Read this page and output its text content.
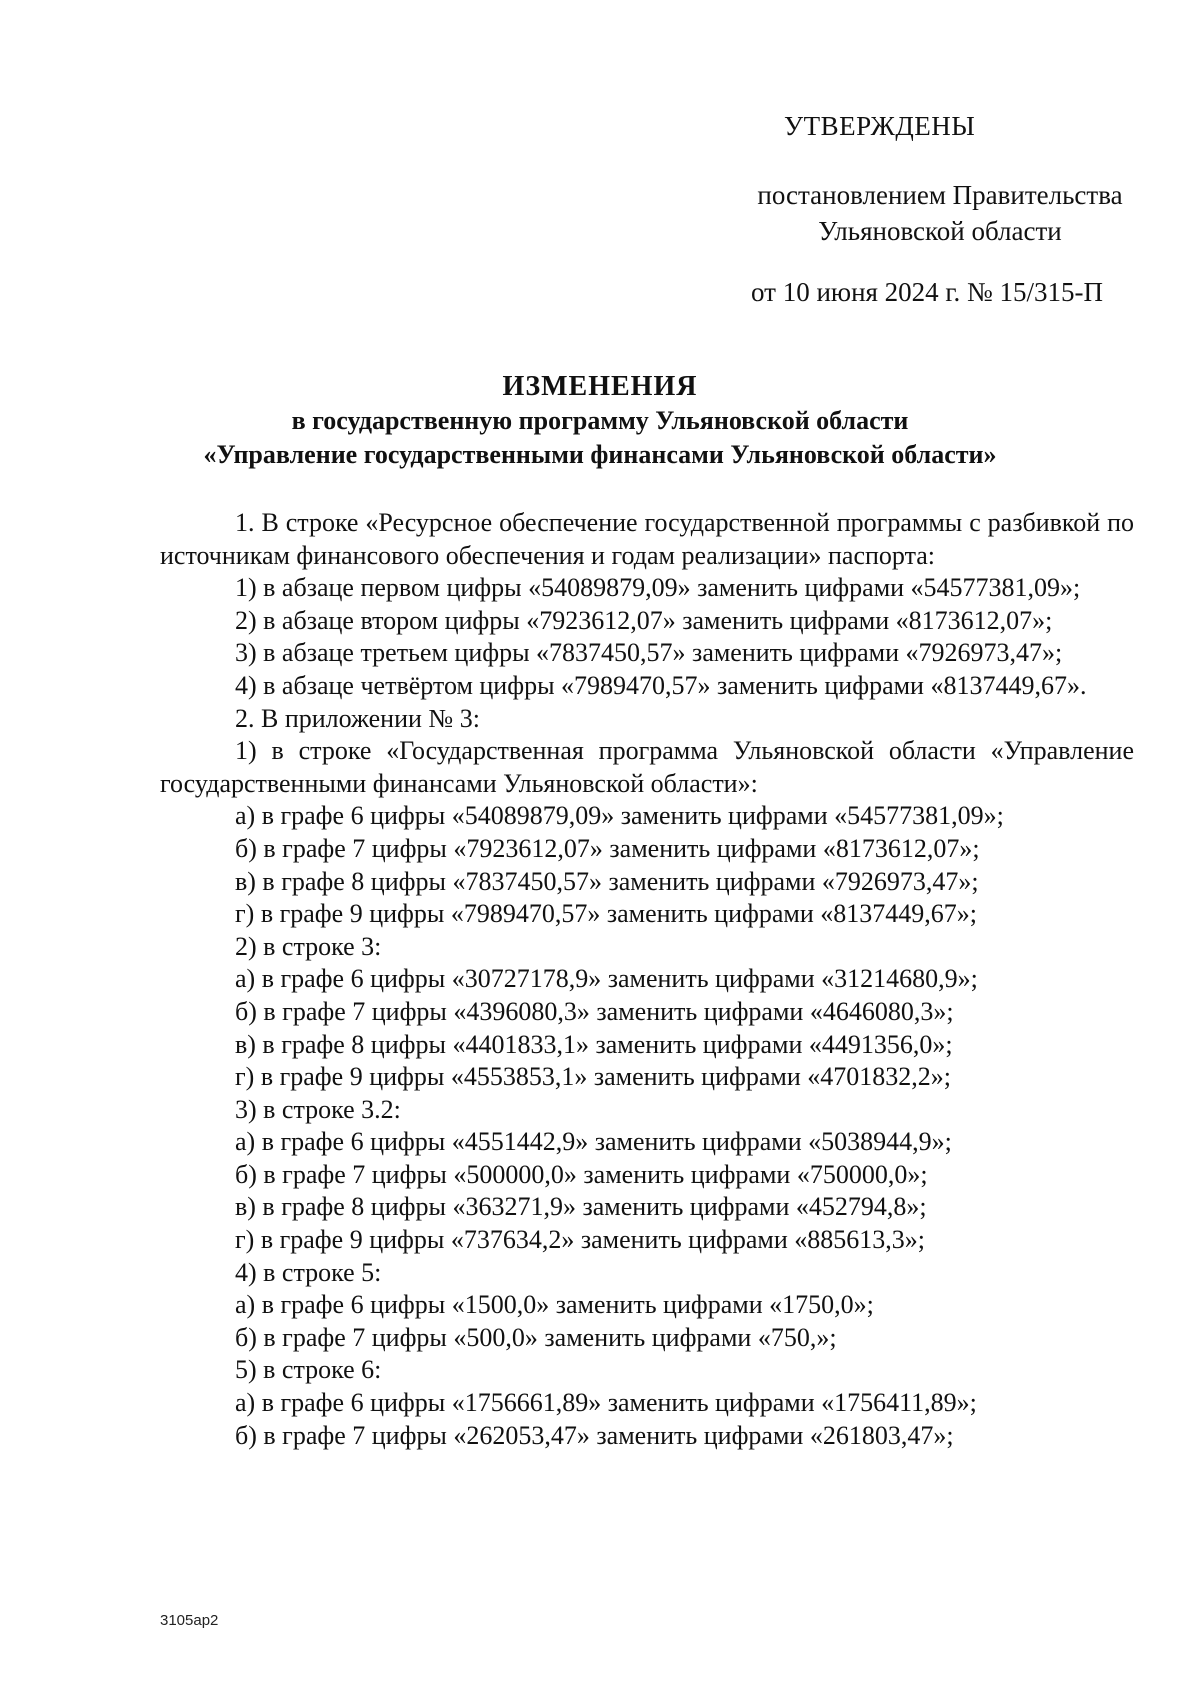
УТВЕРЖДЕНЫ
постановлением Правительства
Ульяновской области
от 10 июня 2024 г. № 15/315-П
ИЗМЕНЕНИЯ
в государственную программу Ульяновской области
«Управление государственными финансами Ульяновской области»

1. В строке «Ресурсное обеспечение государственной программы с разбивкой по источникам финансового обеспечения и годам реализации» паспорта:

1) в абзаце первом цифры «54089879,09» заменить цифрами «54577381,09»;

2) в абзаце втором цифры «7923612,07» заменить цифрами «8173612,07»;

3) в абзаце третьем цифры «7837450,57» заменить цифрами «7926973,47»;

4) в абзаце четвёртом цифры «7989470,57» заменить цифрами «8137449,67».

2. В приложении № 3:

1) в строке «Государственная программа Ульяновской области «Управление государственными финансами Ульяновской области»:

а) в графе 6 цифры «54089879,09» заменить цифрами «54577381,09»;

б) в графе 7 цифры «7923612,07» заменить цифрами «8173612,07»;

в) в графе 8 цифры «7837450,57» заменить цифрами «7926973,47»;

г) в графе 9 цифры «7989470,57» заменить цифрами «8137449,67»;

2) в строке 3:

а) в графе 6 цифры «30727178,9» заменить цифрами «31214680,9»;

б) в графе 7 цифры «4396080,3» заменить цифрами «4646080,3»;

в) в графе 8 цифры «4401833,1» заменить цифрами «4491356,0»;

г) в графе 9 цифры «4553853,1» заменить цифрами «4701832,2»;

3) в строке 3.2:

а) в графе 6 цифры «4551442,9» заменить цифрами «5038944,9»;

б) в графе 7 цифры «500000,0» заменить цифрами «750000,0»;

в) в графе 8 цифры «363271,9» заменить цифрами «452794,8»;

г) в графе 9 цифры «737634,2» заменить цифрами «885613,3»;

4) в строке 5:

а) в графе 6 цифры «1500,0» заменить цифрами «1750,0»;

б) в графе 7 цифры «500,0» заменить цифрами «750,»;

5) в строке 6:

а) в графе 6 цифры «1756661,89» заменить цифрами «1756411,89»;

б) в графе 7 цифры «262053,47» заменить цифрами «261803,47»;

3105ap2
